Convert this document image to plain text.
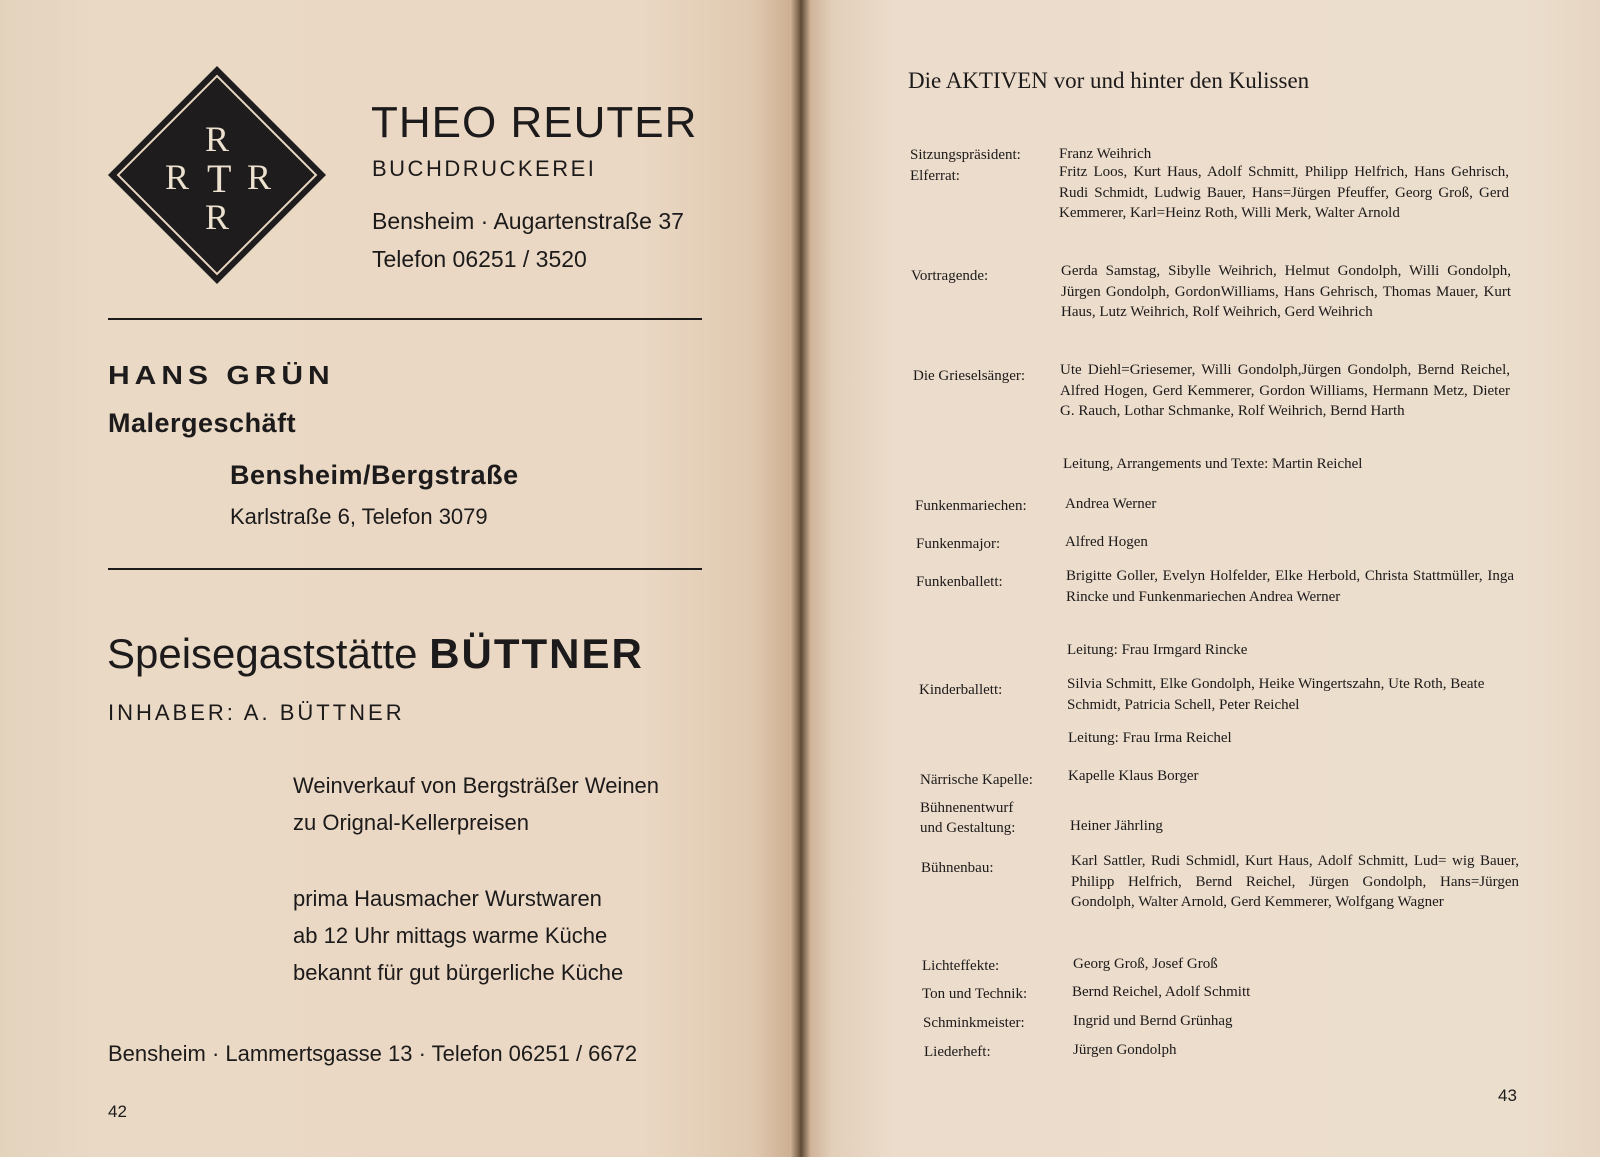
R
R T R
R
THEO REUTER
BUCHDRUCKEREI
Bensheim · Augartenstraße 37
Telefon 06251 / 3520
HANS GRÜN
Malergeschäft
Bensheim/Bergstraße
Karlstraße 6, Telefon 3079
Speisegaststätte BÜTTNER
INHABER: A. BÜTTNER
Weinverkauf von Bergsträßer Weinen
zu Orignal-Kellerpreisen
prima Hausmacher Wurstwaren
ab 12 Uhr mittags warme Küche
bekannt für gut bürgerliche Küche
Bensheim · Lammertsgasse 13 · Telefon 06251 / 6672
42
Die AKTIVEN vor und hinter den Kulissen
Sitzungspräsident:	Franz Weihrich
Elferrat:	Fritz Loos, Kurt Haus, Adolf Schmitt, Philipp Helfrich, Hans Gehrisch, Rudi Schmidt, Ludwig Bauer, Hans=Jürgen Pfeuffer, Georg Groß, Gerd Kemmerer, Karl=Heinz Roth, Willi Merk, Walter Arnold
Vortragende:	Gerda Samstag, Sibylle Weihrich, Helmut Gondolph, Willi Gondolph, Jürgen Gondolph, GordonWilliams, Hans Gehrisch, Thomas Mauer, Kurt Haus, Lutz Weihrich, Rolf Weihrich, Gerd Weihrich
Die Grieselsänger: Ute Diehl=Griesemer, Willi Gondolph,Jürgen Gondolph, Bernd Reichel, Alfred Hogen, Gerd Kemmerer, Gordon Williams, Hermann Metz, Dieter G. Rauch, Lothar Schmanke, Rolf Weihrich, Bernd Harth
Leitung, Arrangements und Texte: Martin Reichel
Funkenmariechen:	Andrea Werner
Funkenmajor:	Alfred Hogen
Funkenballett:	Brigitte Goller, Evelyn Holfelder, Elke Herbold, Christa Stattmüller, Inga Rincke und Funkenmariechen Andrea Werner
Leitung: Frau Irmgard Rincke
Kinderballett:	Silvia Schmitt, Elke Gondolph, Heike Wingertszahn, Ute Roth, Beate Schmidt, Patricia Schell, Peter Reichel
Leitung: Frau Irma Reichel
Närrische Kapelle: Kapelle Klaus Borger
Bühnenentwurf
und Gestaltung:	Heiner Jährling
Bühnenbau:	Karl Sattler, Rudi Schmidl, Kurt Haus, Adolf Schmitt, Lud= wig Bauer, Philipp Helfrich, Bernd Reichel, Jürgen Gondolph, Hans=Jürgen Gondolph, Walter Arnold, Gerd Kemmerer, Wolfgang Wagner
Lichteffekte:	Georg Groß, Josef Groß
Ton und Technik:	Bernd Reichel, Adolf Schmitt
Schminkmeister:	Ingrid und Bernd Grünhag
Liederheft:	Jürgen Gondolph
43
